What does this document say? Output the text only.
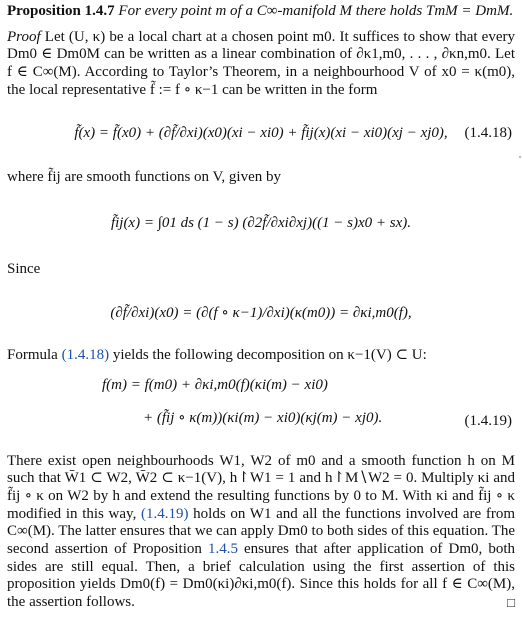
Proposition 1.4.7 For every point m of a C∞-manifold M there holds TmM = DmM.

Proof Let (U, κ) be a local chart at a chosen point m0. It suffices to show that every Dm0 ∈ Dm0M can be written as a linear combination of ∂κ1,m0, . . . , ∂κn,m0. Let f ∈ C∞(M). According to Taylor’s Theorem, in a neighbourhood V of x0 = κ(m0), the local representative f̃ := f ∘ κ−1 can be written in the form

f̃(x) = f̃(x0) + (∂f̃/∂xi)(x0)(xi − xi0) + f̃ij(x)(xi − xi0)(xj − xj0),	(1.4.18)

where f̃ij are smooth functions on V, given by

f̃ij(x) = ∫01 ds (1 − s) (∂2f̃/∂xi∂xj)((1 − s)x0 + sx).

Since

(∂f̃/∂xi)(x0) = (∂(f ∘ κ−1)/∂xi)(κ(m0)) = ∂κi,m0(f),

Formula (1.4.18) yields the following decomposition on κ−1(V) ⊂ U:

f(m) = f(m0) + ∂κi,m0(f)(κi(m) − xi0)
+ (f̃ij ∘ κ(m))(κi(m) − xi0)(κj(m) − xj0).	(1.4.19)

There exist open neighbourhoods W1, W2 of m0 and a smooth function h on M such that W̄1 ⊂ W2, W̄2 ⊂ κ−1(V), h↾W1 = 1 and h↾M∖W2 = 0. Multiply κi and f̃ij ∘ κ on W2 by h and extend the resulting functions by 0 to M. With κi and f̃ij ∘ κ modified in this way, (1.4.19) holds on W1 and all the functions involved are from C∞(M). The latter ensures that we can apply Dm0 to both sides of this equation. The second assertion of Proposition 1.4.5 ensures that after application of Dm0, both sides are still equal. Then, a brief calculation using the first assertion of this proposition yields Dm0(f) = Dm0(κi)∂κi,m0(f). Since this holds for all f ∈ C∞(M), the assertion follows.	□
